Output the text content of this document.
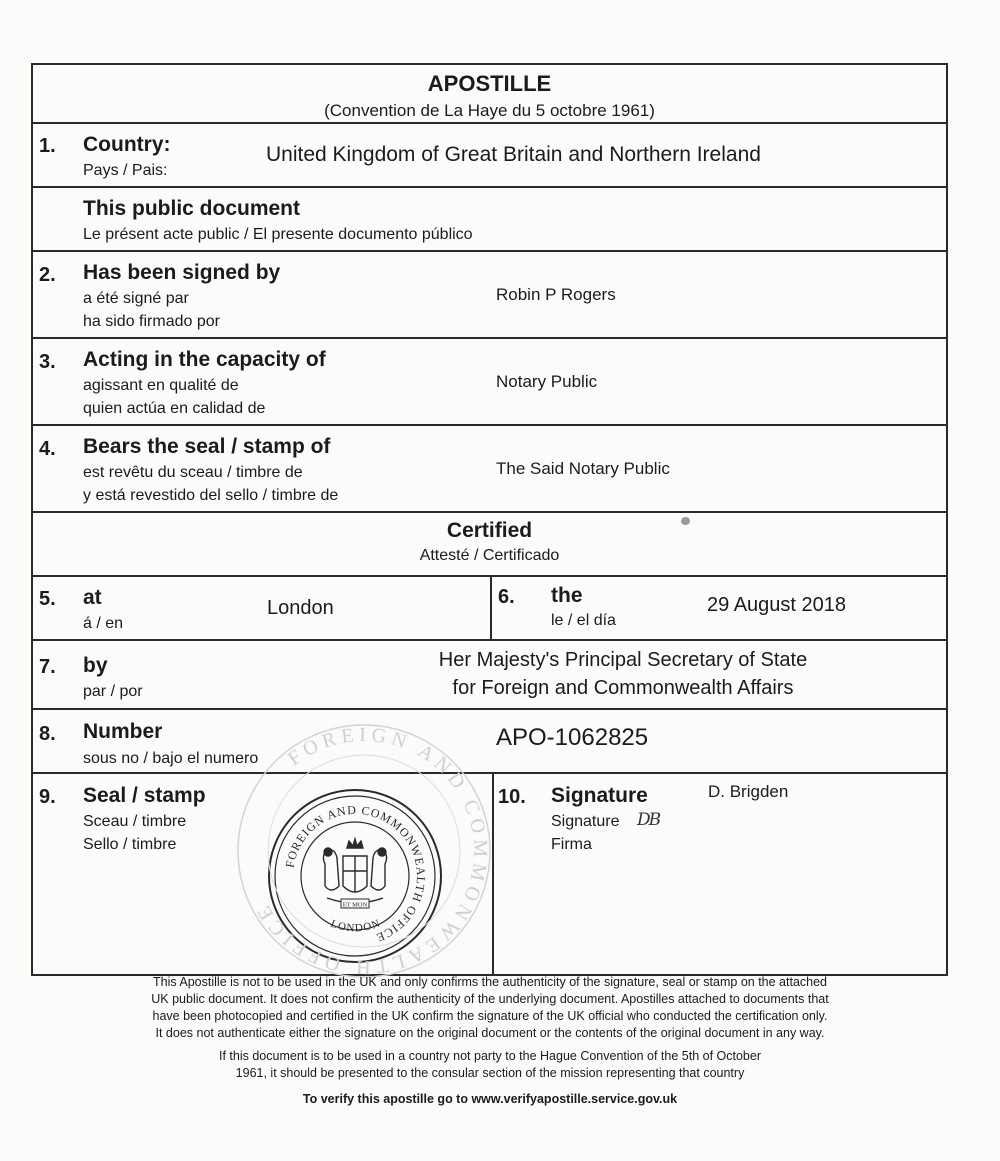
APOSTILLE
(Convention de La Haye du 5 octobre 1961)
1. Country:
Pays / Pais:
United Kingdom of Great Britain and Northern Ireland
This public document
Le présent acte public / El presente documento público
2. Has been signed by
a été signé par
ha sido firmado por
Robin P Rogers
3. Acting in the capacity of
agissant en qualité de
quien actúa en calidad de
Notary Public
4. Bears the seal / stamp of
est revêtu du sceau / timbre de
y está revestido del sello / timbre de
The Said Notary Public
Certified
Attesté / Certificado
5. at
á / en
London	6. the
le / el día
29 August 2018
7. by
par / por
Her Majesty's Principal Secretary of State
for Foreign and Commonwealth Affairs
8. Number
sous no / bajo el numero
APO-1062825
9. Seal / stamp
Sceau / timbre
Sello / timbre
FOREIGN AND COMMONWEALTH OFFICE
LONDON
ET MON
FOREIGN AND COMMONWEALTH OFFICE
10. Signature
Signature
Firma
D. Brigden
DB
This Apostille is not to be used in the UK and only confirms the authenticity of the signature, seal or stamp on the attached
UK public document. It does not confirm the authenticity of the underlying document. Apostilles attached to documents that
have been photocopied and certified in the UK confirm the signature of the UK official who conducted the certification only.
It does not authenticate either the signature on the original document or the contents of the original document in any way.
If this document is to be used in a country not party to the Hague Convention of the 5th of October
1961, it should be presented to the consular section of the mission representing that country
To verify this apostille go to www.verifyapostille.service.gov.uk
